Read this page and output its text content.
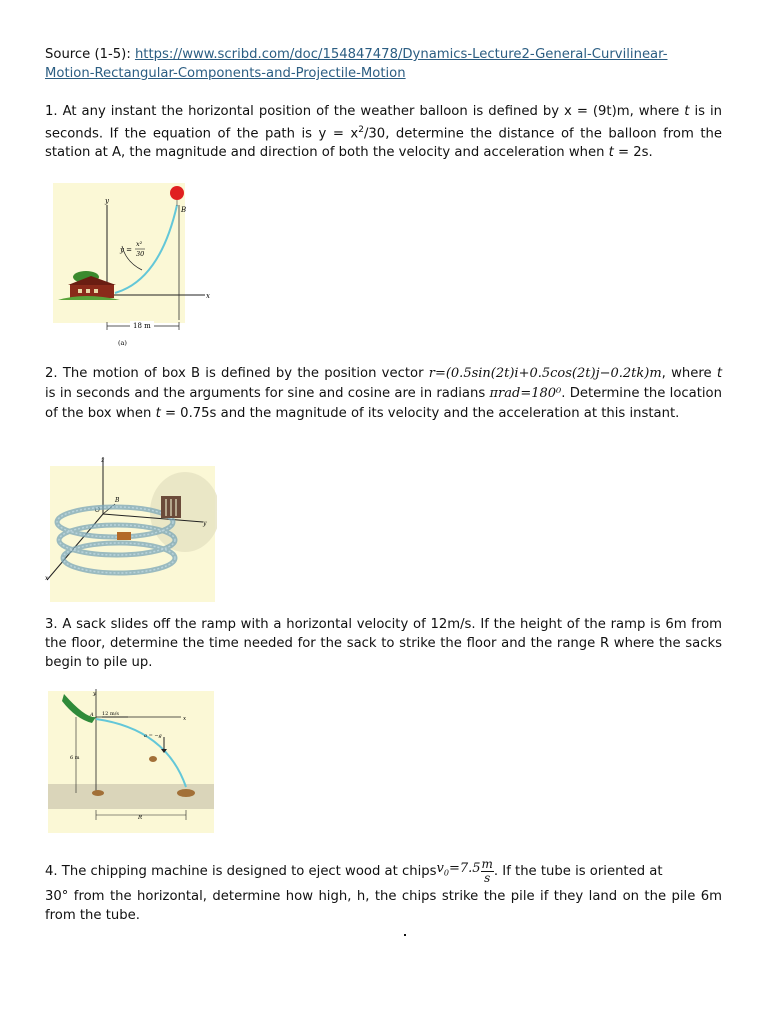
Source (1-5): https://www.scribd.com/doc/154847478/Dynamics-Lecture2-General-Curvilinear-
Motion-Rectangular-Components-and-Projectile-Motion
1. At any instant the horizontal position of the weather balloon is defined by x = (9t)m, where t is in seconds. If the equation of the path is $y = x^2/30$, determine the distance of the balloon from the station at A, the magnitude and direction of both the velocity and acceleration when t = 2s.
y
x
B
y =
x²
30
18 m
(a)
2. The motion of box B is defined by the position vector r=(0.5sin(2t)i+0.5cos(2t)j−0.2tk)m, where t is in seconds and the arguments for sine and cosine are in radians πrad=180⁰. Determine the location of the box when t = 0.75s and the magnitude of its velocity and the acceleration at this instant.
z
y
x
O
B
3. A sack slides off the ramp with a horizontal velocity of 12m/s. If the height of the ramp is 6m from the floor, determine the time needed for the sack to strike the floor and the range R where the sacks begin to pile up.
x
y
A 12 m/s
6 m
a = −g
R
4. The chipping machine is designed to eject wood at chips $v_0=7.5 \frac{m}{s}$ . If the tube is oriented at
30° from the horizontal, determine how high, h, the chips strike the pile if they land on the pile 6m from the tube.
